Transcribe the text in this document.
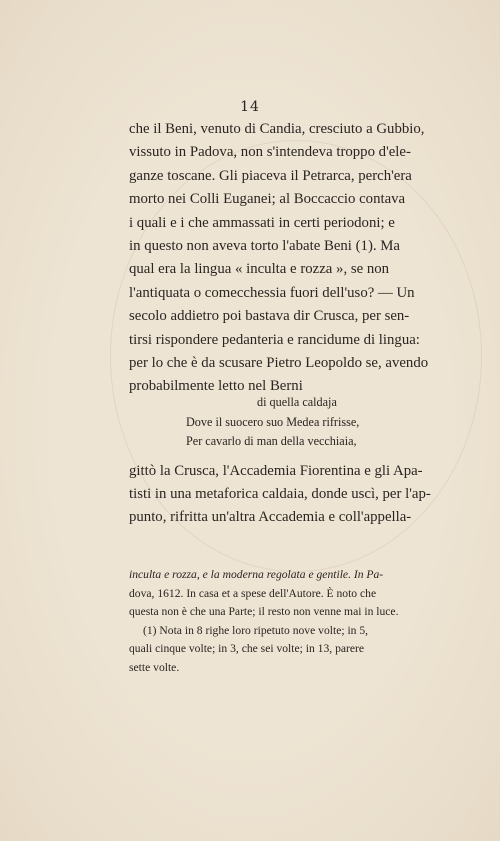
14
che il Beni, venuto di Candia, cresciuto a Gubbio,
vissuto in Padova, non s'intendeva troppo d'ele-
ganze toscane. Gli piaceva il Petrarca, perch'era
morto nei Colli Euganei; al Boccaccio contava
i quali e i che ammassati in certi periodoni; e
in questo non aveva torto l'abate Beni (1). Ma
qual era la lingua « inculta e rozza », se non
l'antiquata o comecchessia fuori dell'uso? — Un
secolo addietro poi bastava dir Crusca, per sen-
tirsi rispondere pedanteria e rancidume di lingua:
per lo che è da scusare Pietro Leopoldo se, avendo
probabilmente letto nel Berni
di quella caldaja
Dove il suocero suo Medea rifrisse,
Per cavarlo di man della vecchiaia,
gittò la Crusca, l'Accademia Fiorentina e gli Apa-
tisti in una metaforica caldaia, donde uscì, per l'ap-
punto, rifritta un'altra Accademia e coll'appella-
inculta e rozza, e la moderna regolata e gentile. In Pa-
dova, 1612. In casa et a spese dell'Autore. È noto che
questa non è che una Parte; il resto non venne mai in luce.
(1) Nota in 8 righe loro ripetuto nove volte; in 5,
quali cinque volte; in 3, che sei volte; in 13, parere
sette volte.
